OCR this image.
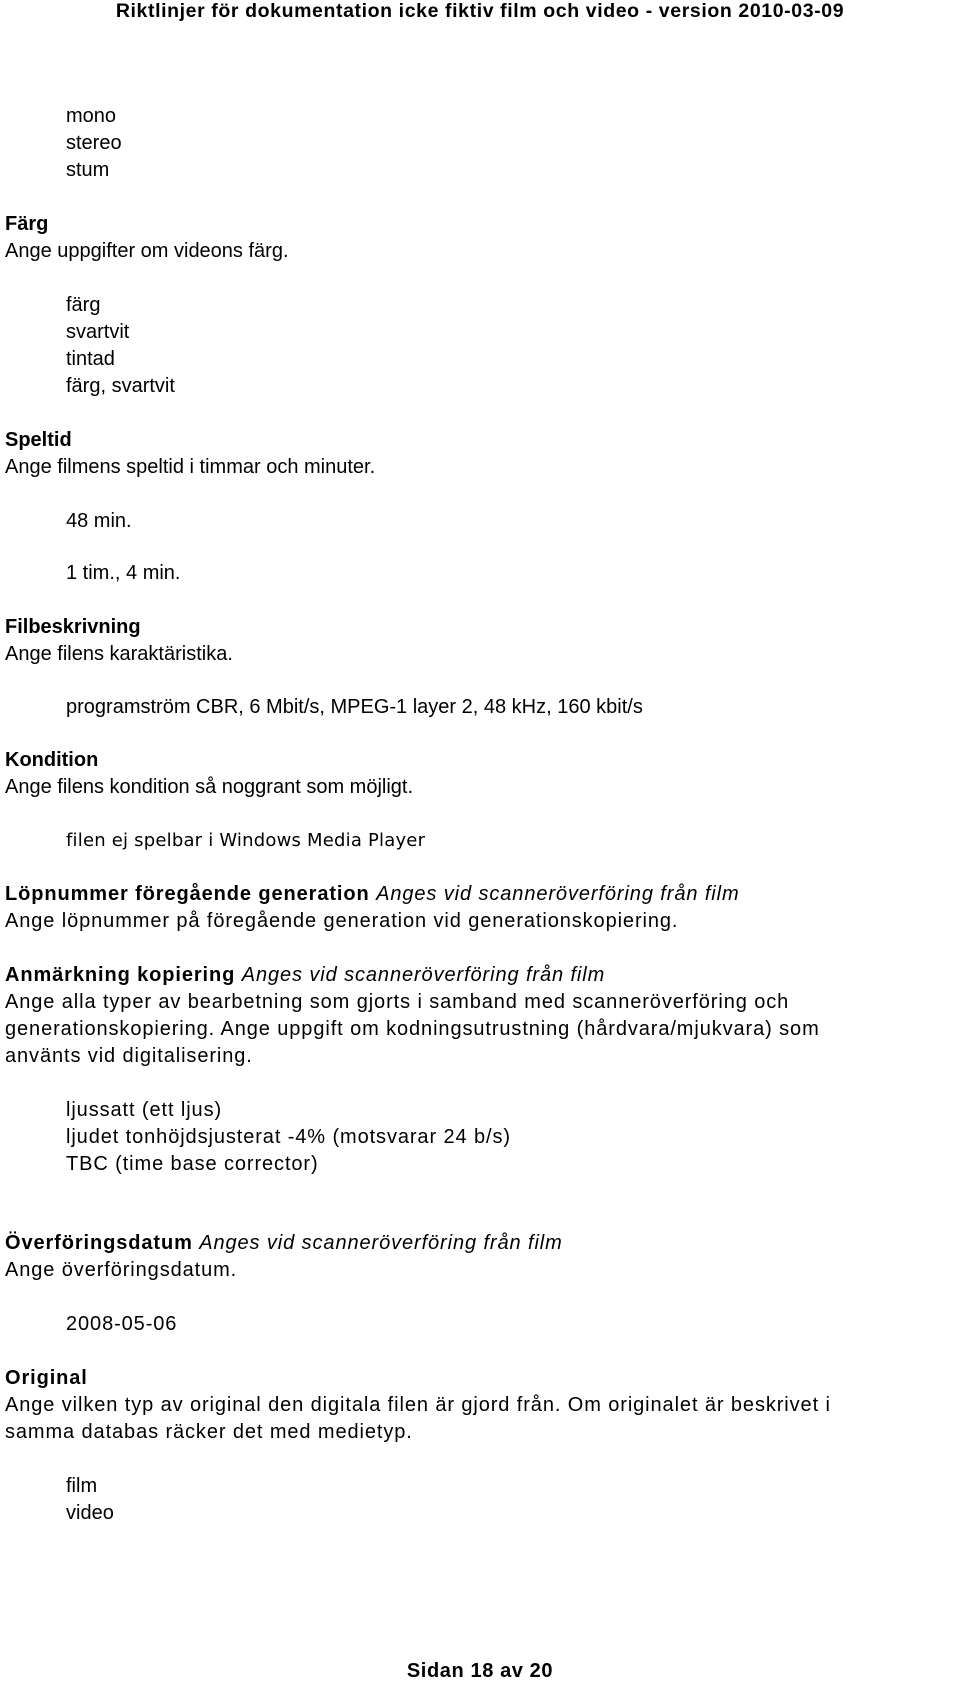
Riktlinjer för dokumentation icke fiktiv film och video - version 2010-03-09
mono
stereo
stum
Färg
Ange uppgifter om videons färg.
färg
svartvit
tintad
färg, svartvit
Speltid
Ange filmens speltid i timmar och minuter.
48 min.
1 tim., 4 min.
Filbeskrivning
Ange filens karaktäristika.
programström CBR, 6 Mbit/s, MPEG-1 layer 2, 48 kHz, 160 kbit/s
Kondition
Ange filens kondition så noggrant som möjligt.
filen ej spelbar i Windows Media Player
Löpnummer föregående generation Anges vid scanneröverföring från film
Ange löpnummer på föregående generation vid generationskopiering.
Anmärkning kopiering Anges vid scanneröverföring från film
Ange alla typer av bearbetning som gjorts i samband med scanneröverföring och
generationskopiering. Ange uppgift om kodningsutrustning (hårdvara/mjukvara) som
använts vid digitalisering.
ljussatt (ett ljus)
ljudet tonhöjdsjusterat -4% (motsvarar 24 b/s)
TBC (time base corrector)
Överföringsdatum Anges vid scanneröverföring från film
Ange överföringsdatum.
2008-05-06
Original
Ange vilken typ av original den digitala filen är gjord från. Om originalet är beskrivet i
samma databas räcker det med medietyp.
film
video
Sidan 18 av 20
